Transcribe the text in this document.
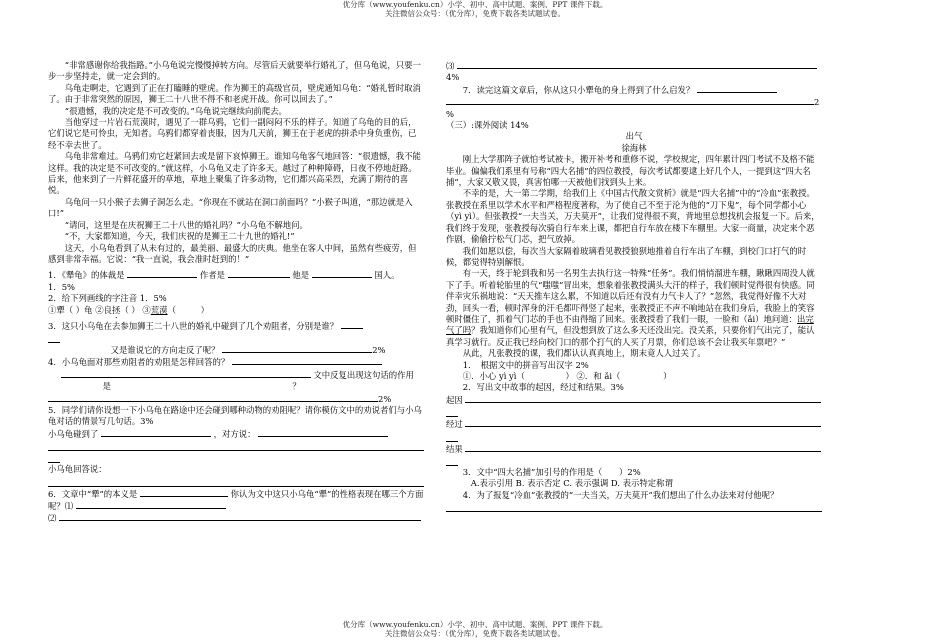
优分库（www.youfenku.cn）小学、初中、高中试题、案例、PPT 课件下载。
关注微信公众号：（优分库），免费下载各类试题试卷。

“非常感谢你给我指路。”小乌龟说完慢慢掉转方向。尽管后天就要举行婚礼了，但乌龟说，只要一步一步坚持走，就一定会到的。

乌龟走啊走，它遇到了正在打瞌睡的壁虎。作为狮王的高级官员，壁虎通知乌龟：“婚礼暂时取消了。由于非常突然的原因，狮王二十八世不得不和老虎开战。你可以回去了。”

“很遗憾，我的决定是不可改变的。”乌龟说完继续向前爬去。

当他穿过一片岩石荒漠时，遇见了一群乌鸦，它们一副闷闷不乐的样子。知道了乌龟的目的后，它们说它是可怜虫，无知者。乌鸦们都穿着丧服，因为几天前，狮王在于老虎的拼杀中身负重伤，已经不幸去世了。

乌龟非常难过。乌鸦们劝它赶紧回去或是留下哀悼狮王。谁知乌龟客气地回答：“很遗憾，我不能这样。我的决定是不可改变的。”就这样，小乌龟又走了许多天。越过了种种障碍，日夜不停地赶路。后来，他来到了一片鲜花盛开的草地，草地上聚集了许多动物，它们都兴高采烈，充满了期待的喜悦。

乌龟问一只小猴子去狮子洞怎么走。“你现在不就站在洞口前面吗？”小猴子叫道，“那边就是入口!”

“请问，这里是在庆祝狮王二十八世的婚礼吗？”小乌龟不解地问。

“不，大家都知道，今天，我们庆祝的是狮王二十九世的婚礼!”

这天，小乌龟看到了从未有过的，最美丽、最盛大的庆典。他坐在客人中间，虽然有些疲劳，但感到非常幸福。它说：“我一直说，我会准时赶到的！”

1．《犟龟》的体裁是	作者是	他是	国人。

1．5%

2．给下列画线的字注音 1．5%

①犟（ ）龟 ②良拯（ ） ③荒漠（	）

3．这只小乌龟在去参加狮王二十八世的婚礼中碰到了几个劝阻者，分别是谁？

又是谁说它的方向走反了呢？	2%

4．小乌龟面对那些劝阻者的劝阻是怎样回答的？

文中反复出现这句话的作用

是	？

2%

5．同学们请你设想一下小乌龟在路途中还会碰到哪种动物的劝阻呢？请你模仿文中的劝说者们与小乌龟对话的情景写几句话。3%

小乌龟碰到了	，对方说：

小乌龟回答说：

6．文章中“犟”的本义是	你认为文中这只小乌龟“犟”的性格表现在哪三个方面呢？⑴

⑵

⑶

4%

7．读完这篇文章后，你从这只小犟龟的身上得到了什么启发？

2

%

（三）:课外阅读 14%

出气

徐海林

刚上大学那阵子就怕考试被卡，搬开补考和重修不说，学校规定，四年累计四门考试不及格不能毕业。偏偏我们系里有号称“四大名捕”的四位教授，每次考试都要逮上好几个人，一提到这“四大名捕”，大家又敬又畏，真害怕哪一天被他们找到头上来。

不幸的是，大一第二学期，给我们上《中国古代散文赏析》就是“四大名捕”中的“冷血”张教授。张教授在系里以学术水平和严格程度著称，为了使自己不至于沦为他的“刀下鬼”，每个同学都小心（yì yì）。但张教授“一夫当关，万夫莫开”，让我们觉得很不爽，背地里总想找机会报复一下。后来，我们终于发现，张教授每次骑自行车来上课，都把自行车放在楼下车棚里。大家一商量，决定来个恶作剧，偷偷拧松气门芯，把气放掉。

我们如愿以偿，每次当大家隔着玻璃看见教授狼狈地推着自行车出了车棚，到校门口打气的时候，都觉得特别解恨。

有一天，终于轮到我和另一名男生去执行这一特殊“任务”。我们悄悄溜进车棚，瞅瞅四周没人就下了手。听着轮胎里的气“嗤嗤”冒出来，想象着张教授满头大汗的样子，我们顿时觉得很有快感。同伴幸灾乐祸地说：“天天推车这么累，不知道以后还有没有力气卡人了？”忽然，我觉得好像不大对劲，回头一看，顿时浑身的汗毛都吓得竖了起来，张教授正不声不响地站在我们身后，我脸上的笑容顿时僵住了，抓着气门芯的手也不由得缩了回来。张教授看了我们一眼，一脸和（ǎi）地问道：出完气了吗？我知道你们心里有气，但没想到放了这么多天还没出完。没关系，只要你们气出完了，能认真学习就行。反正我已经向校门口的那个打气的人买了月票，你们总该不会让我买年票吧？”

从此，凡张教授的课，我们都认认真真地上，期末竟人人过关了。

1．　根据文中的拼音写出汉字 2%

①．小心 yì yì（	） ②．和 ǎi（	）

2．写出文中故事的起因，经过和结果。3%

起因

经过

结果

3．文中“四大名捕”加引号的作用是（　　）2%

A.表示引用 B. 表示否定 C. 表示强调 D. 表示特定称谓

4．为了报复“冷血”张教授的“一夫当关，万夫莫开”我们想出了什么办法来对付他呢？

优分库（www.youfenku.cn）小学、初中、高中试题、案例、PPT 课件下载。
关注微信公众号：（优分库），免费下载各类试题试卷。
